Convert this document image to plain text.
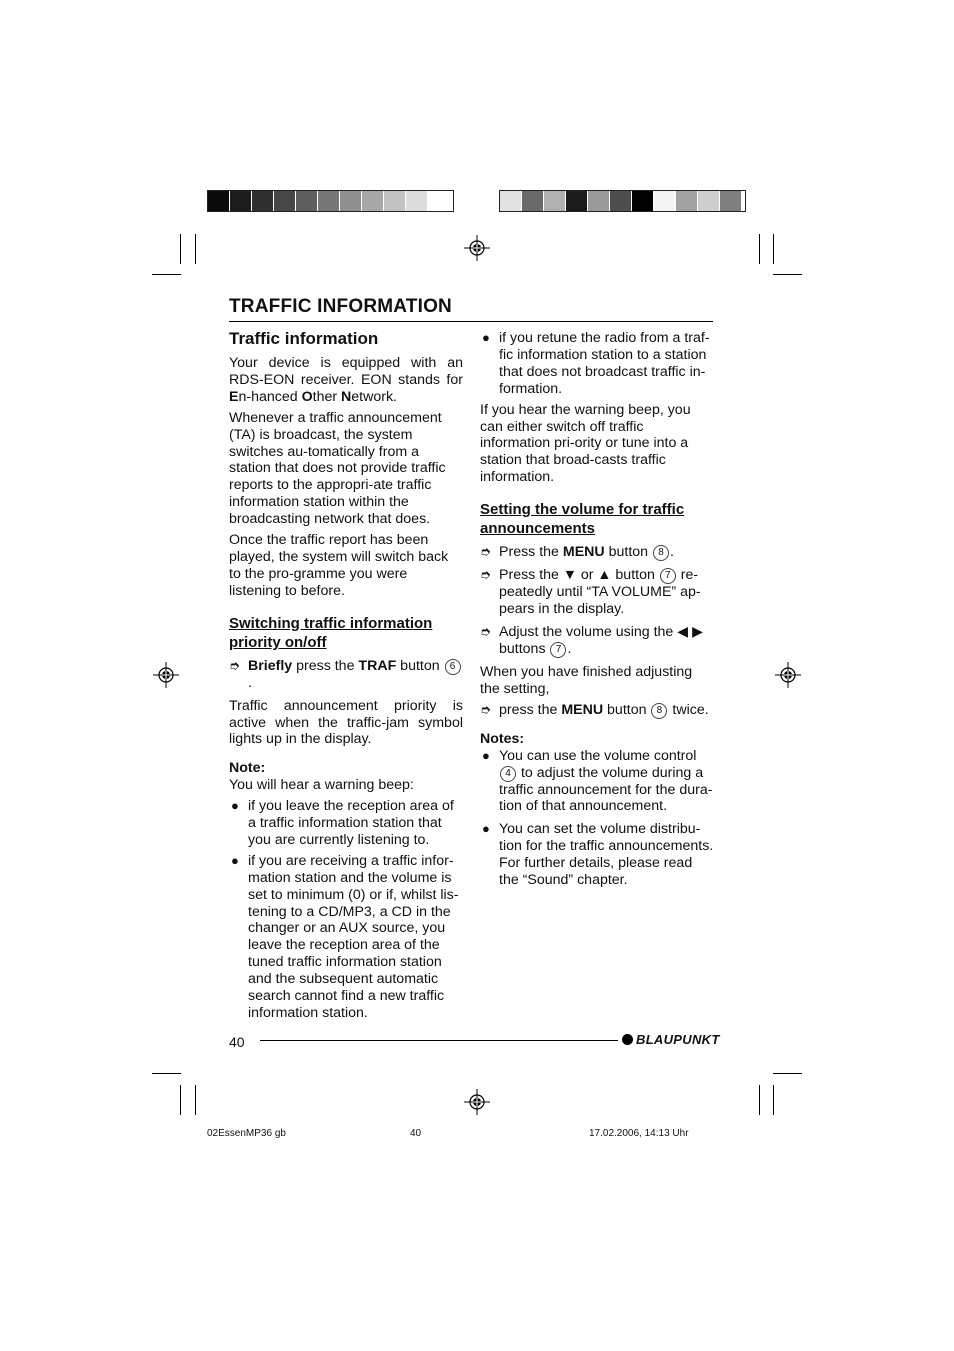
TRAFFIC INFORMATION
Traffic information

Your device is equipped with an RDS-EON receiver. EON stands for En-hanced Other Network.

Whenever a traffic announcement (TA) is broadcast, the system switches au-tomatically from a station that does not provide traffic reports to the appropri-ate traffic information station within the broadcasting network that does.

Once the traffic report has been played, the system will switch back to the pro-gramme you were listening to before.

Switching traffic information priority on/off
➮ Briefly press the TRAF button 6.

Traffic announcement priority is active when the traffic-jam symbol lights up in the display.

Note:

You will hear a warning beep:

● if you leave the reception area of a traffic information station that you are currently listening to.
● if you are receiving a traffic infor-mation station and the volume is set to minimum (0) or if, whilst lis-tening to a CD/MP3, a CD in the changer or an AUX source, you leave the reception area of the tuned traffic information station and the subsequent automatic search cannot find a new traffic information station.
● if you retune the radio from a traf-fic information station to a station that does not broadcast traffic in-formation.

If you hear the warning beep, you can either switch off traffic information pri-ority or tune into a station that broad-casts traffic information.

Setting the volume for traffic announcements
➮ Press the MENU button 8 .
➮ Press the ▼ or ▲ button 7 re-peatedly until “TA VOLUME” ap-pears in the display.
➮ Adjust the volume using the ◀ ▶ buttons 7 .

When you have finished adjusting the setting,

➮ press the MENU button 8 twice.
Notes:
● You can use the volume control 4 to adjust the volume during a traffic announcement for the dura-tion of that announcement.
● You can set the volume distribu-tion for the traffic announcements. For further details, please read the “Sound” chapter.
40	BLAUPUNKT
02EssenMP36 gb	40	17.02.2006, 14:13 Uhr
